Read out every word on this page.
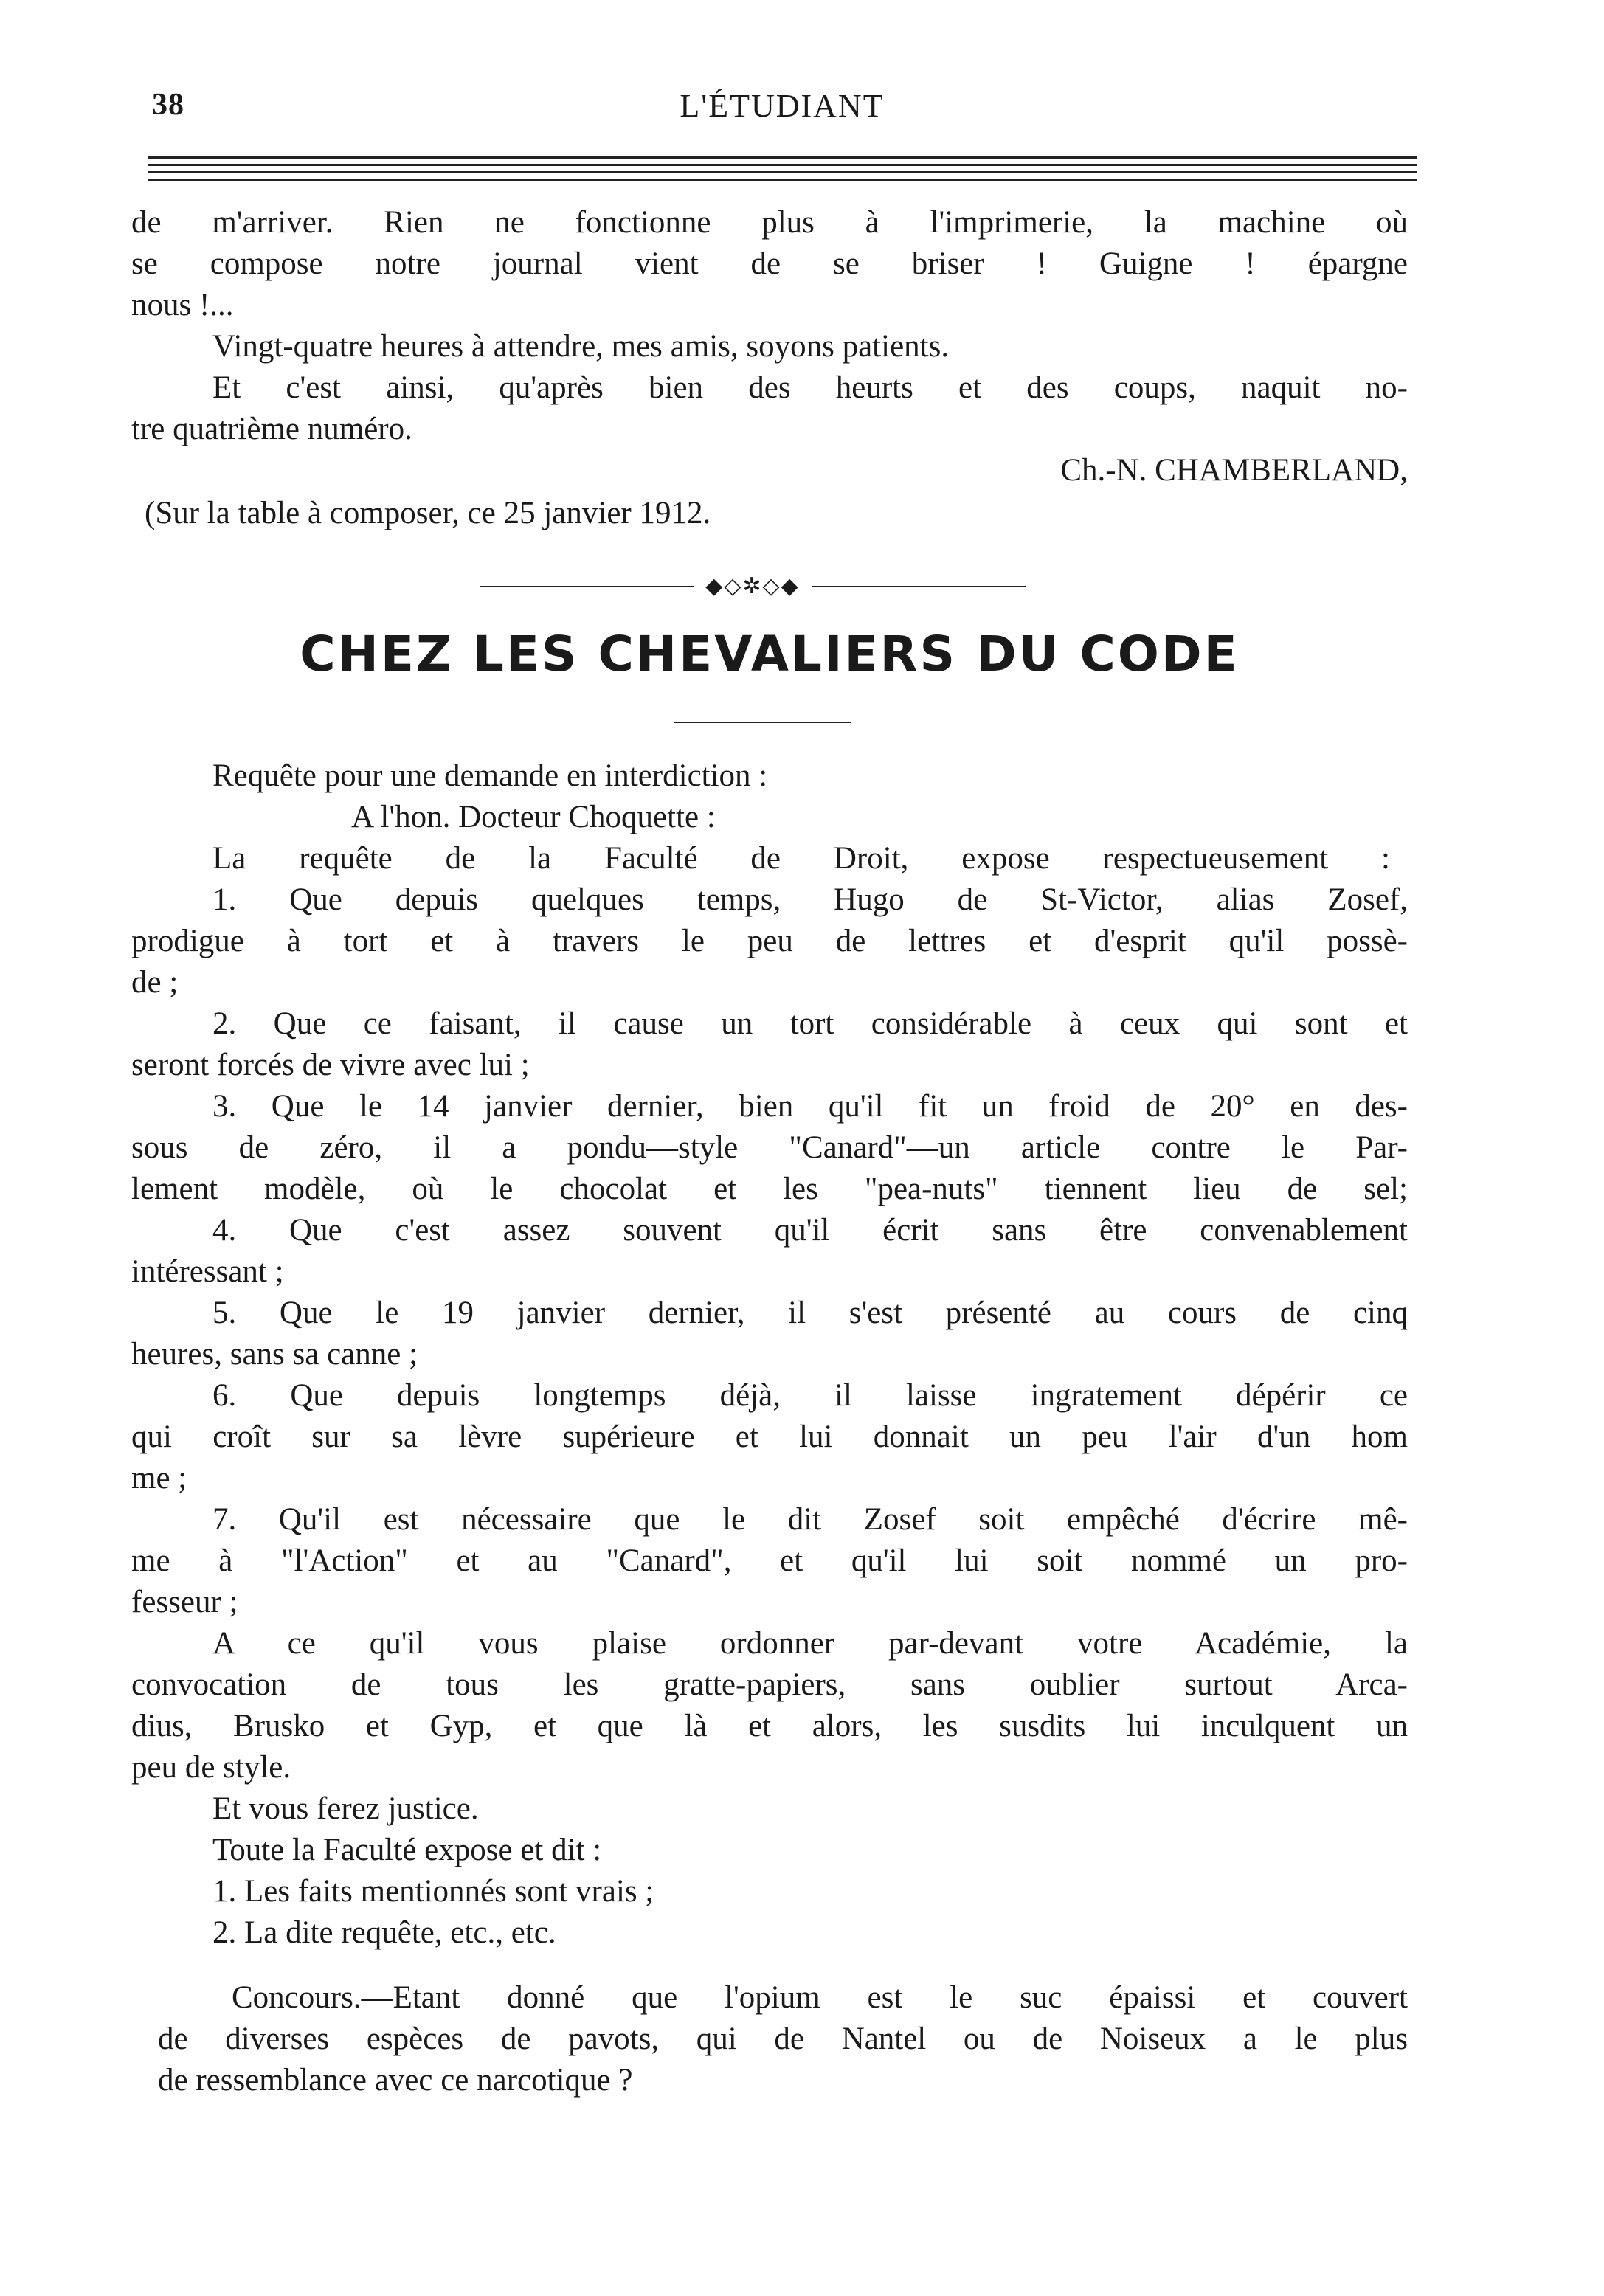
38	L'ÉTUDIANT
de m'arriver. Rien ne fonctionne plus à l'imprimerie, la machine où
se compose notre journal vient de se briser ! Guigne ! épargne
nous !...
Vingt-quatre heures à attendre, mes amis, soyons patients.
Et c'est ainsi, qu'après bien des heurts et des coups, naquit no-
tre quatrième numéro.
Ch.-N. CHAMBERLAND,
(Sur la table à composer, ce 25 janvier 1912.
◆◇✲◇◆
CHEZ LES CHEVALIERS DU CODE
Requête pour une demande en interdiction :
A l'hon. Docteur Choquette :
La requête de la Faculté de Droit, expose respectueusement :
1. Que depuis quelques temps, Hugo de St-Victor, alias Zosef,
prodigue à tort et à travers le peu de lettres et d'esprit qu'il possè-
de ;
2. Que ce faisant, il cause un tort considérable à ceux qui sont et
seront forcés de vivre avec lui ;
3. Que le 14 janvier dernier, bien qu'il fit un froid de 20° en des-
sous de zéro, il a pondu—style "Canard"—un article contre le Par-
lement modèle, où le chocolat et les "pea-nuts" tiennent lieu de sel;
4. Que c'est assez souvent qu'il écrit sans être convenablement
intéressant ;
5. Que le 19 janvier dernier, il s'est présenté au cours de cinq
heures, sans sa canne ;
6. Que depuis longtemps déjà, il laisse ingratement dépérir ce
qui croît sur sa lèvre supérieure et lui donnait un peu l'air d'un hom
me ;
7. Qu'il est nécessaire que le dit Zosef soit empêché d'écrire mê-
me à "l'Action" et au "Canard", et qu'il lui soit nommé un pro-
fesseur ;
A ce qu'il vous plaise ordonner par-devant votre Académie, la
convocation de tous les gratte-papiers, sans oublier surtout Arca-
dius, Brusko et Gyp, et que là et alors, les susdits lui inculquent un
peu de style.
Et vous ferez justice.
Toute la Faculté expose et dit :
1. Les faits mentionnés sont vrais ;
2. La dite requête, etc., etc.
Concours.—Etant donné que l'opium est le suc épaissi et couvert
de diverses espèces de pavots, qui de Nantel ou de Noiseux a le plus
de ressemblance avec ce narcotique ?
